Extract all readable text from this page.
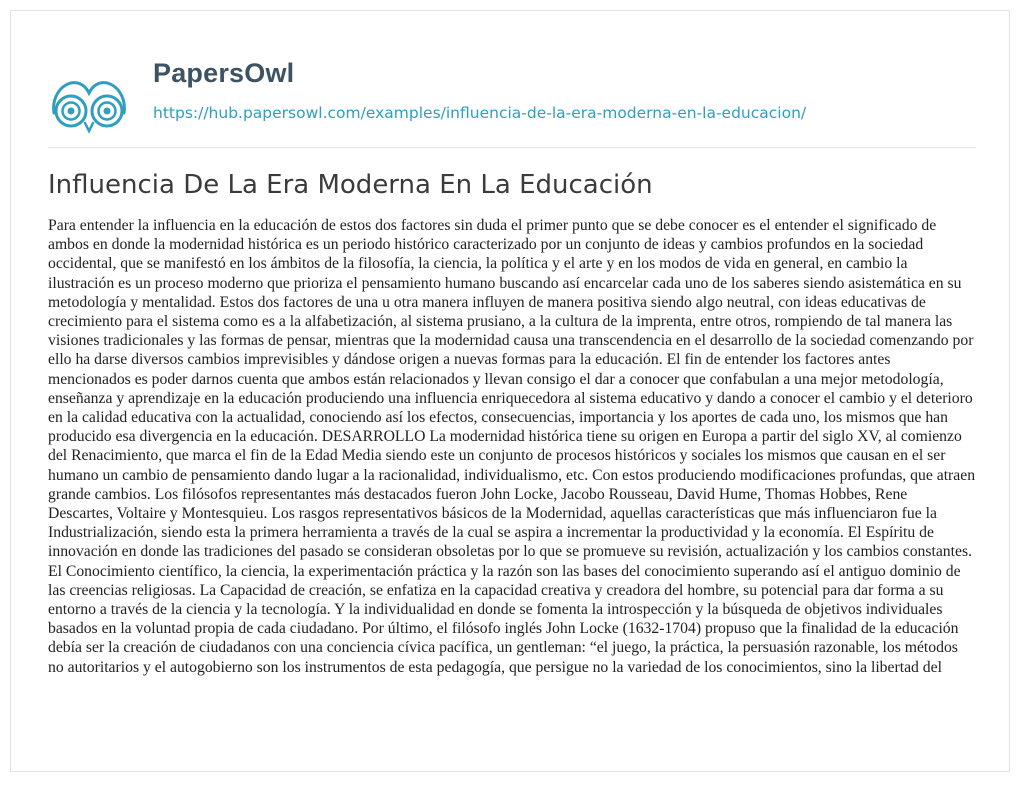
PapersOwl
https://hub.papersowl.com/examples/influencia-de-la-era-moderna-en-la-educacion/
Influencia De La Era Moderna En La Educación

Para entender la influencia en la educación de estos dos factores sin duda el primer punto que se debe conocer es el entender el significado de ambos en donde la modernidad histórica es un periodo histórico caracterizado por un conjunto de ideas y cambios profundos en la sociedad occidental, que se manifestó en los ámbitos de la filosofía, la ciencia, la política y el arte y en los modos de vida en general, en cambio la ilustración es un proceso moderno que prioriza el pensamiento humano buscando así encarcelar cada uno de los saberes siendo asistemática en su metodología y mentalidad. Estos dos factores de una u otra manera influyen de manera positiva siendo algo neutral, con ideas educativas de crecimiento para el sistema como es a la alfabetización, al sistema prusiano, a la cultura de la imprenta, entre otros, rompiendo de tal manera las visiones tradicionales y las formas de pensar, mientras que la modernidad causa una transcendencia en el desarrollo de la sociedad comenzando por ello ha darse diversos cambios imprevisibles y dándose origen a nuevas formas para la educación. El fin de entender los factores antes mencionados es poder darnos cuenta que ambos están relacionados y llevan consigo el dar a conocer que confabulan a una mejor metodología, enseñanza y aprendizaje en la educación produciendo una influencia enriquecedora al sistema educativo y dando a conocer el cambio y el deterioro en la calidad educativa con la actualidad, conociendo así los efectos, consecuencias, importancia y los aportes de cada uno, los mismos que han producido esa divergencia en la educación. DESARROLLO La modernidad histórica tiene su origen en Europa a partir del siglo XV, al comienzo del Renacimiento, que marca el fin de la Edad Media siendo este un conjunto de procesos históricos y sociales los mismos que causan en el ser humano un cambio de pensamiento dando lugar a la racionalidad, individualismo, etc. Con estos produciendo modificaciones profundas, que atraen grande cambios. Los filósofos representantes más destacados fueron John Locke, Jacobo Rousseau, David Hume, Thomas Hobbes, Rene Descartes, Voltaire y Montesquieu. Los rasgos representativos básicos de la Modernidad, aquellas características que más influenciaron fue la Industrialización, siendo esta la primera herramienta a través de la cual se aspira a incrementar la productividad y la economía. El Espíritu de innovación en donde las tradiciones del pasado se consideran obsoletas por lo que se promueve su revisión, actualización y los cambios constantes. El Conocimiento científico, la ciencia, la experimentación práctica y la razón son las bases del conocimiento superando así el antiguo dominio de las creencias religiosas. La Capacidad de creación, se enfatiza en la capacidad creativa y creadora del hombre, su potencial para dar forma a su entorno a través de la ciencia y la tecnología. Y la individualidad en donde se fomenta la introspección y la búsqueda de objetivos individuales basados en la voluntad propia de cada ciudadano. Por último, el filósofo inglés John Locke (1632-1704) propuso que la finalidad de la educación debía ser la creación de ciudadanos con una conciencia cívica pacífica, un gentleman: “el juego, la práctica, la persuasión razonable, los métodos no autoritarios y el autogobierno son los instrumentos de esta pedagogía, que persigue no la variedad de los conocimientos, sino la libertad del
